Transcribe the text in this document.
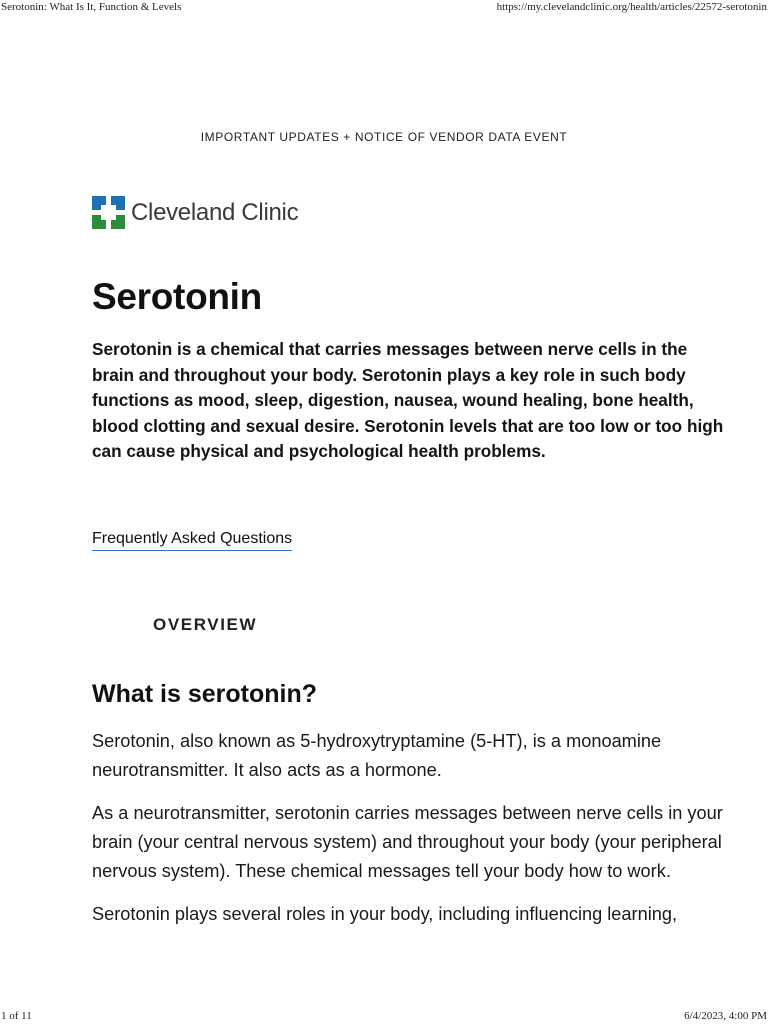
Serotonin: What Is It, Function & Levels	https://my.clevelandclinic.org/health/articles/22572-serotonin
IMPORTANT UPDATES + NOTICE OF VENDOR DATA EVENT
Cleveland Clinic
Serotonin

Serotonin is a chemical that carries messages between nerve cells in the brain and throughout your body. Serotonin plays a key role in such body functions as mood, sleep, digestion, nausea, wound healing, bone health, blood clotting and sexual desire. Serotonin levels that are too low or too high can cause physical and psychological health problems.

Frequently Asked Questions
OVERVIEW
What is serotonin?

Serotonin, also known as 5-hydroxytryptamine (5-HT), is a monoamine neurotransmitter. It also acts as a hormone.

As a neurotransmitter, serotonin carries messages between nerve cells in your brain (your central nervous system) and throughout your body (your peripheral nervous system). These chemical messages tell your body how to work.

Serotonin plays several roles in your body, including influencing learning,

1 of 11	6/4/2023, 4:00 PM
